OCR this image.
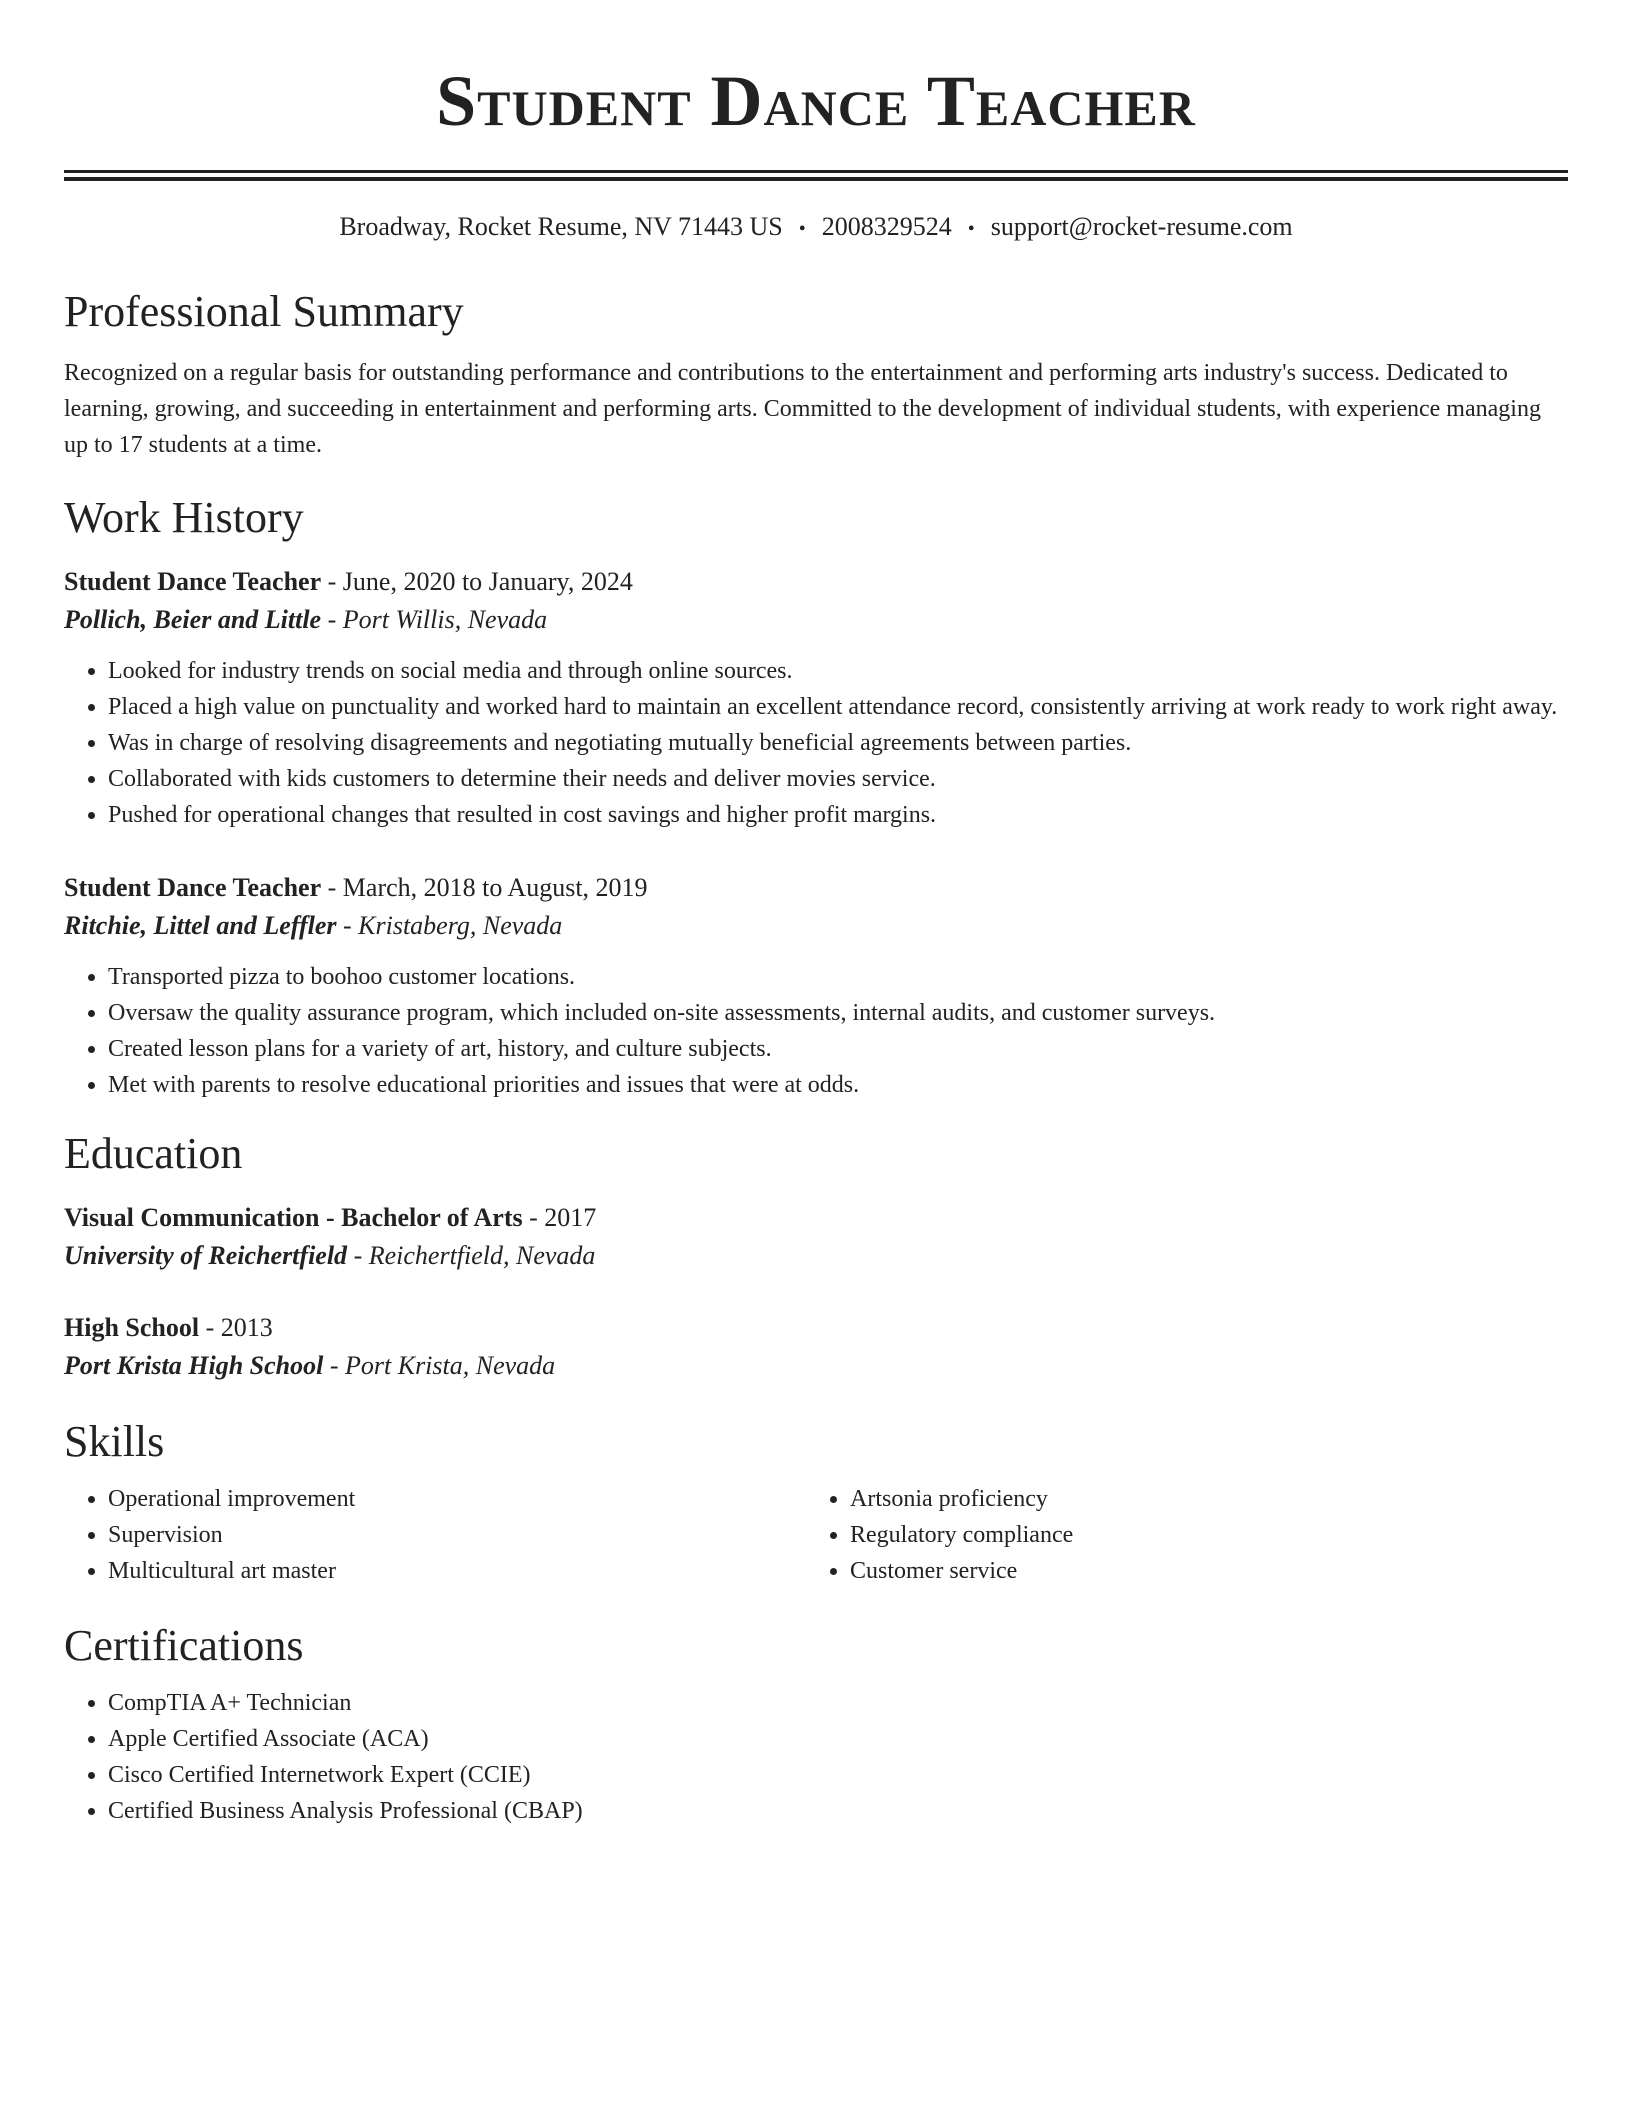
Student Dance Teacher
Broadway, Rocket Resume, NV 71443 US • 2008329524 • support@rocket-resume.com
Professional Summary

Recognized on a regular basis for outstanding performance and contributions to the entertainment and performing arts industry's success. Dedicated to learning, growing, and succeeding in entertainment and performing arts. Committed to the development of individual students, with experience managing up to 17 students at a time.

Work History
Student Dance Teacher - June, 2020 to January, 2024
Pollich, Beier and Little - Port Willis, Nevada
• Looked for industry trends on social media and through online sources.
• Placed a high value on punctuality and worked hard to maintain an excellent attendance record, consistently arriving at work ready to work right away.
• Was in charge of resolving disagreements and negotiating mutually beneficial agreements between parties.
• Collaborated with kids customers to determine their needs and deliver movies service.
• Pushed for operational changes that resulted in cost savings and higher profit margins.
Student Dance Teacher - March, 2018 to August, 2019
Ritchie, Littel and Leffler - Kristaberg, Nevada
• Transported pizza to boohoo customer locations.
• Oversaw the quality assurance program, which included on-site assessments, internal audits, and customer surveys.
• Created lesson plans for a variety of art, history, and culture subjects.
• Met with parents to resolve educational priorities and issues that were at odds.
Education
Visual Communication - Bachelor of Arts - 2017
University of Reichertfield - Reichertfield, Nevada
High School - 2013
Port Krista High School - Port Krista, Nevada
Skills
• Operational improvement
• Supervision
• Multicultural art master
• Artsonia proficiency
• Regulatory compliance
• Customer service
Certifications
• CompTIA A+ Technician
• Apple Certified Associate (ACA)
• Cisco Certified Internetwork Expert (CCIE)
• Certified Business Analysis Professional (CBAP)
